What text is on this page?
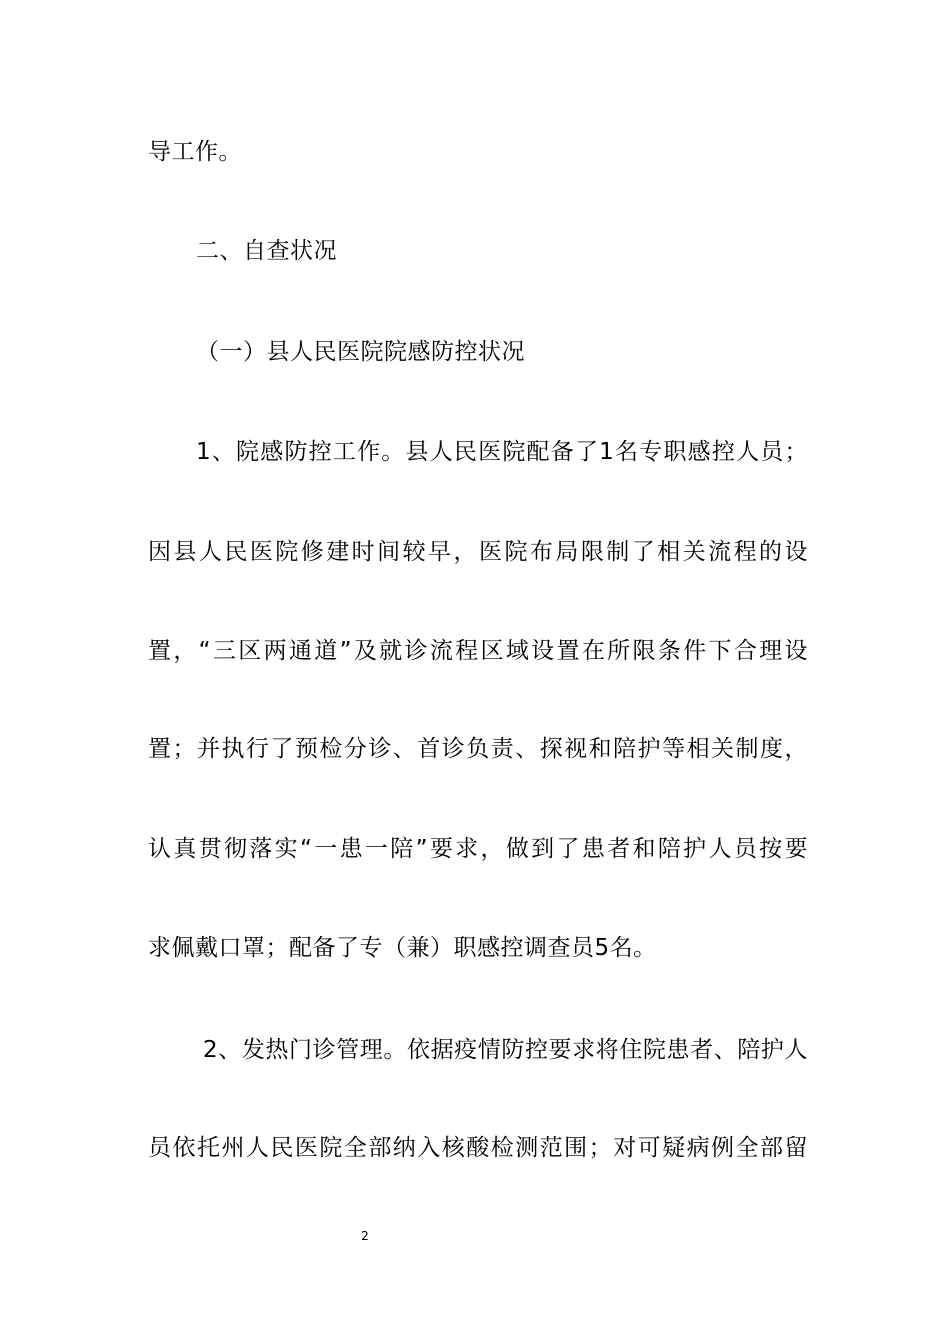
导工作。
二、自查状况
（一）县人民医院院感防控状况
1、院感防控工作。县人民医院配备了1名专职感控人员；
因县人民医院修建时间较早，医院布局限制了相关流程的设
置，“三区两通道”及就诊流程区域设置在所限条件下合理设
置；并执行了预检分诊、首诊负责、探视和陪护等相关制度，
认真贯彻落实“一患一陪”要求，做到了患者和陪护人员按要
求佩戴口罩；配备了专（兼）职感控调查员5名。
2、发热门诊管理。依据疫情防控要求将住院患者、陪护人
员依托州人民医院全部纳入核酸检测范围；对可疑病例全部留
2
